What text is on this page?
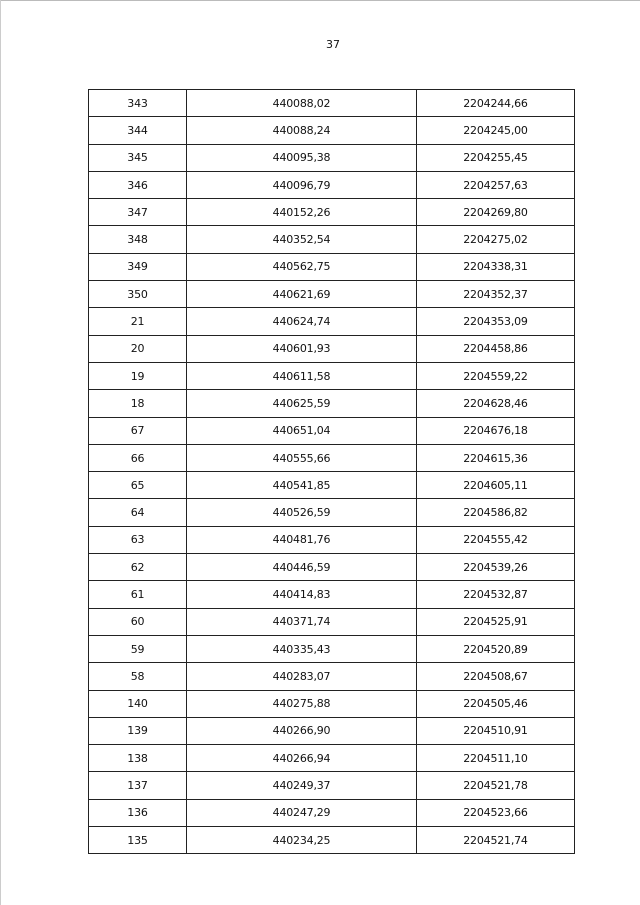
37
343	440088,02	2204244,66
344	440088,24	2204245,00
345	440095,38	2204255,45
346	440096,79	2204257,63
347	440152,26	2204269,80
348	440352,54	2204275,02
349	440562,75	2204338,31
350	440621,69	2204352,37
21	440624,74	2204353,09
20	440601,93	2204458,86
19	440611,58	2204559,22
18	440625,59	2204628,46
67	440651,04	2204676,18
66	440555,66	2204615,36
65	440541,85	2204605,11
64	440526,59	2204586,82
63	440481,76	2204555,42
62	440446,59	2204539,26
61	440414,83	2204532,87
60	440371,74	2204525,91
59	440335,43	2204520,89
58	440283,07	2204508,67
140	440275,88	2204505,46
139	440266,90	2204510,91
138	440266,94	2204511,10
137	440249,37	2204521,78
136	440247,29	2204523,66
135	440234,25	2204521,74
